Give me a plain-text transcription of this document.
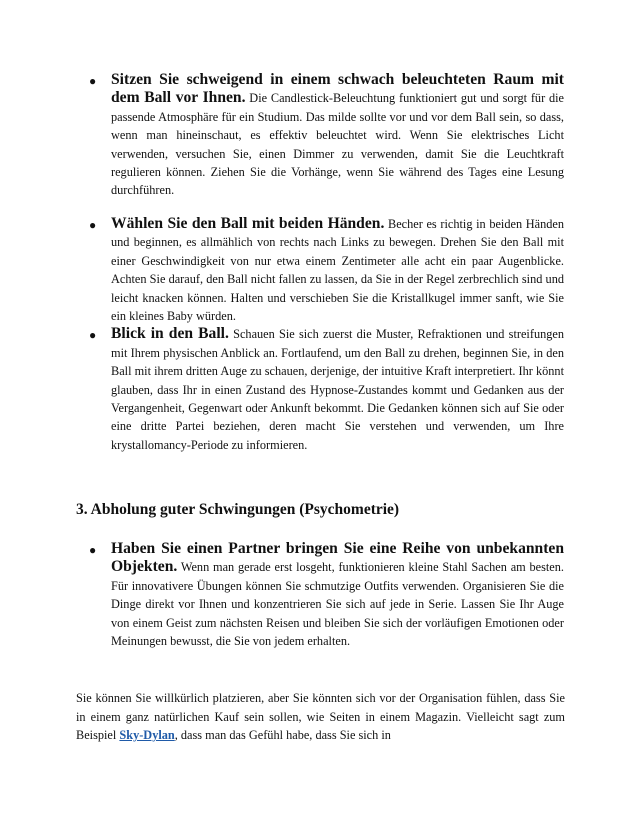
● Sitzen Sie schweigend in einem schwach beleuchteten Raum mit dem Ball vor Ihnen. Die Candlestick-Beleuchtung funktioniert gut und sorgt für die passende Atmosphäre für ein Studium. Das milde sollte vor und vor dem Ball sein, so dass, wenn man hineinschaut, es effektiv beleuchtet wird. Wenn Sie elektrisches Licht verwenden, versuchen Sie, einen Dimmer zu verwenden, damit Sie die Leuchtkraft regulieren können. Ziehen Sie die Vorhänge, wenn Sie während des Tages eine Lesung durchführen.
● Wählen Sie den Ball mit beiden Händen. Becher es richtig in beiden Händen und beginnen, es allmählich von rechts nach Links zu bewegen. Drehen Sie den Ball mit einer Geschwindigkeit von nur etwa einem Zentimeter alle acht ein paar Augenblicke. Achten Sie darauf, den Ball nicht fallen zu lassen, da Sie in der Regel zerbrechlich sind und leicht knacken können. Halten und verschieben Sie die Kristallkugel immer sanft, wie Sie ein kleines Baby würden.
● Blick in den Ball. Schauen Sie sich zuerst die Muster, Refraktionen und streifungen mit Ihrem physischen Anblick an. Fortlaufend, um den Ball zu drehen, beginnen Sie, in den Ball mit ihrem dritten Auge zu schauen, derjenige, der intuitive Kraft interpretiert. Ihr könnt glauben, dass Ihr in einen Zustand des Hypnose-Zustandes kommt und Gedanken aus der Vergangenheit, Gegenwart oder Ankunft bekommt. Die Gedanken können sich auf Sie oder eine dritte Partei beziehen, deren macht Sie verstehen und verwenden, um Ihre krystallomancy-Periode zu informieren.
3. Abholung guter Schwingungen (Psychometrie)
● Haben Sie einen Partner bringen Sie eine Reihe von unbekannten Objekten. Wenn man gerade erst losgeht, funktionieren kleine Stahl Sachen am besten. Für innovativere Übungen können Sie schmutzige Outfits verwenden. Organisieren Sie die Dinge direkt vor Ihnen und konzentrieren Sie sich auf jede in Serie. Lassen Sie Ihr Auge von einem Geist zum nächsten Reisen und bleiben Sie sich der vorläufigen Emotionen oder Meinungen bewusst, die Sie von jedem erhalten.

Sie können Sie willkürlich platzieren, aber Sie könnten sich vor der Organisation fühlen, dass Sie in einem ganz natürlichen Kauf sein sollen, wie Seiten in einem Magazin. Vielleicht sagt zum Beispiel Sky-Dylan, dass man das Gefühl habe, dass Sie sich in
